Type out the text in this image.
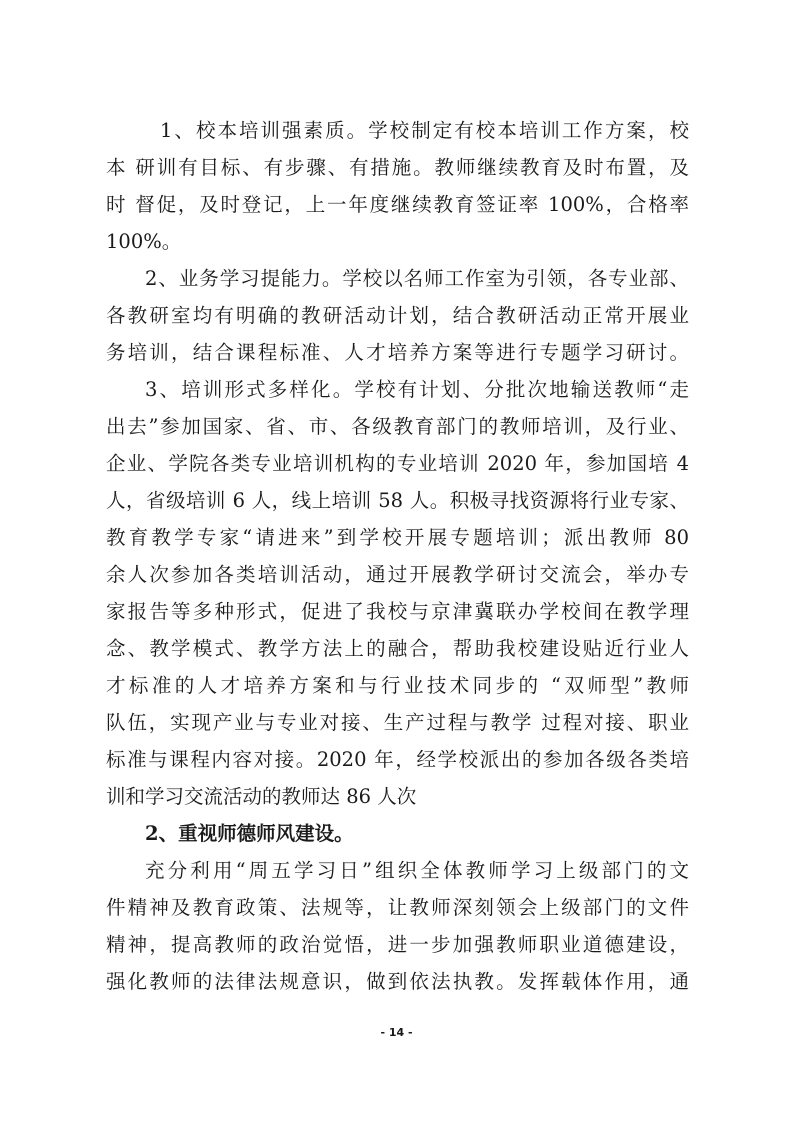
1、校本培训强素质。学校制定有校本培训工作方案，校
本 研训有目标、有步骤、有措施。教师继续教育及时布置，及
时 督促，及时登记，上一年度继续教育签证率 100%，合格率
100%。
2、业务学习提能力。学校以名师工作室为引领，各专业部、
各教研室均有明确的教研活动计划，结合教研活动正常开展业
务培训，结合课程标准、人才培养方案等进行专题学习研讨。
3、培训形式多样化。学校有计划、分批次地输送教师“走
出去”参加国家、省、市、各级教育部门的教师培训，及行业、
企业、学院各类专业培训机构的专业培训 2020 年，参加国培 4
人，省级培训 6 人，线上培训 58 人。积极寻找资源将行业专家、
教育教学专家“请进来”到学校开展专题培训；派出教师 80
余人次参加各类培训活动，通过开展教学研讨交流会，举办专
家报告等多种形式，促进了我校与京津冀联办学校间在教学理
念、教学模式、教学方法上的融合，帮助我校建设贴近行业人
才标准的人才培养方案和与行业技术同步的 “双师型”教师
队伍，实现产业与专业对接、生产过程与教学 过程对接、职业
标准与课程内容对接。2020 年，经学校派出的参加各级各类培
训和学习交流活动的教师达 86 人次
2、重视师德师风建设。
充分利用“周五学习日”组织全体教师学习上级部门的文
件精神及教育政策、法规等，让教师深刻领会上级部门的文件
精神，提高教师的政治觉悟，进一步加强教师职业道德建设，
强化教师的法律法规意识，做到依法执教。发挥载体作用，通
- 14 -
